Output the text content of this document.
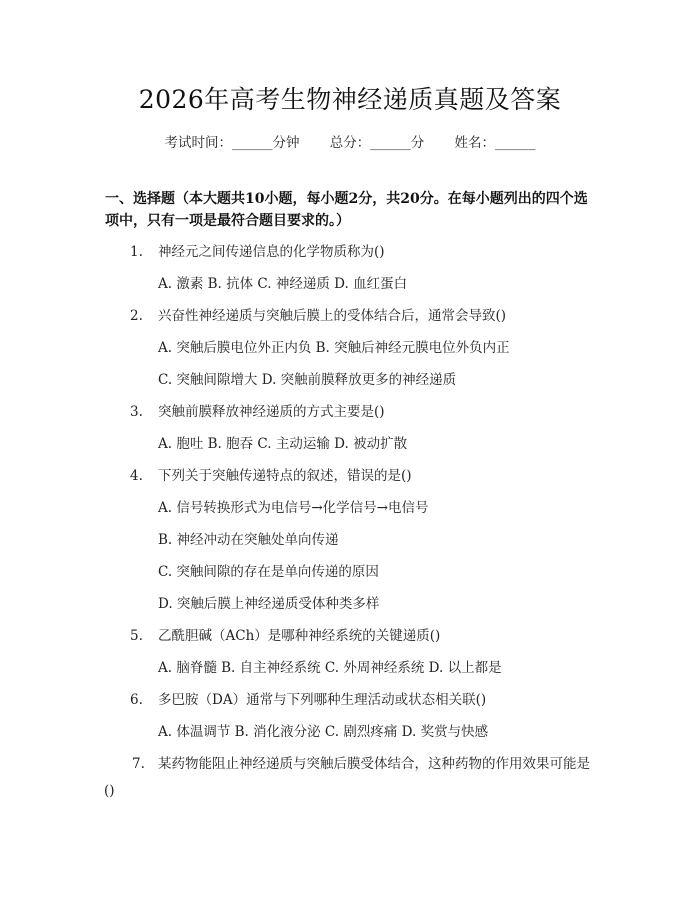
2026年高考生物神经递质真题及答案
考试时间：______分钟 总分：______分 姓名：______

一、选择题（本大题共10小题，每小题2分，共20分。在每小题列出的四个选项中，只有一项是最符合题目要求的。）

1. 神经元之间传递信息的化学物质称为()
A. 激素 B. 抗体 C. 神经递质 D. 血红蛋白
2. 兴奋性神经递质与突触后膜上的受体结合后，通常会导致()
A. 突触后膜电位外正内负 B. 突触后神经元膜电位外负内正
C. 突触间隙增大 D. 突触前膜释放更多的神经递质
3. 突触前膜释放神经递质的方式主要是()
A. 胞吐 B. 胞吞 C. 主动运输 D. 被动扩散
4. 下列关于突触传递特点的叙述，错误的是()
A. 信号转换形式为电信号→化学信号→电信号
B. 神经冲动在突触处单向传递
C. 突触间隙的存在是单向传递的原因
D. 突触后膜上神经递质受体种类多样
5. 乙酰胆碱（ACh）是哪种神经系统的关键递质()
A. 脑脊髓 B. 自主神经系统 C. 外周神经系统 D. 以上都是
6. 多巴胺（DA）通常与下列哪种生理活动或状态相关联()
A. 体温调节 B. 消化液分泌 C. 剧烈疼痛 D. 奖赏与快感
7. 某药物能阻止神经递质与突触后膜受体结合，这种药物的作用效果可能是()
